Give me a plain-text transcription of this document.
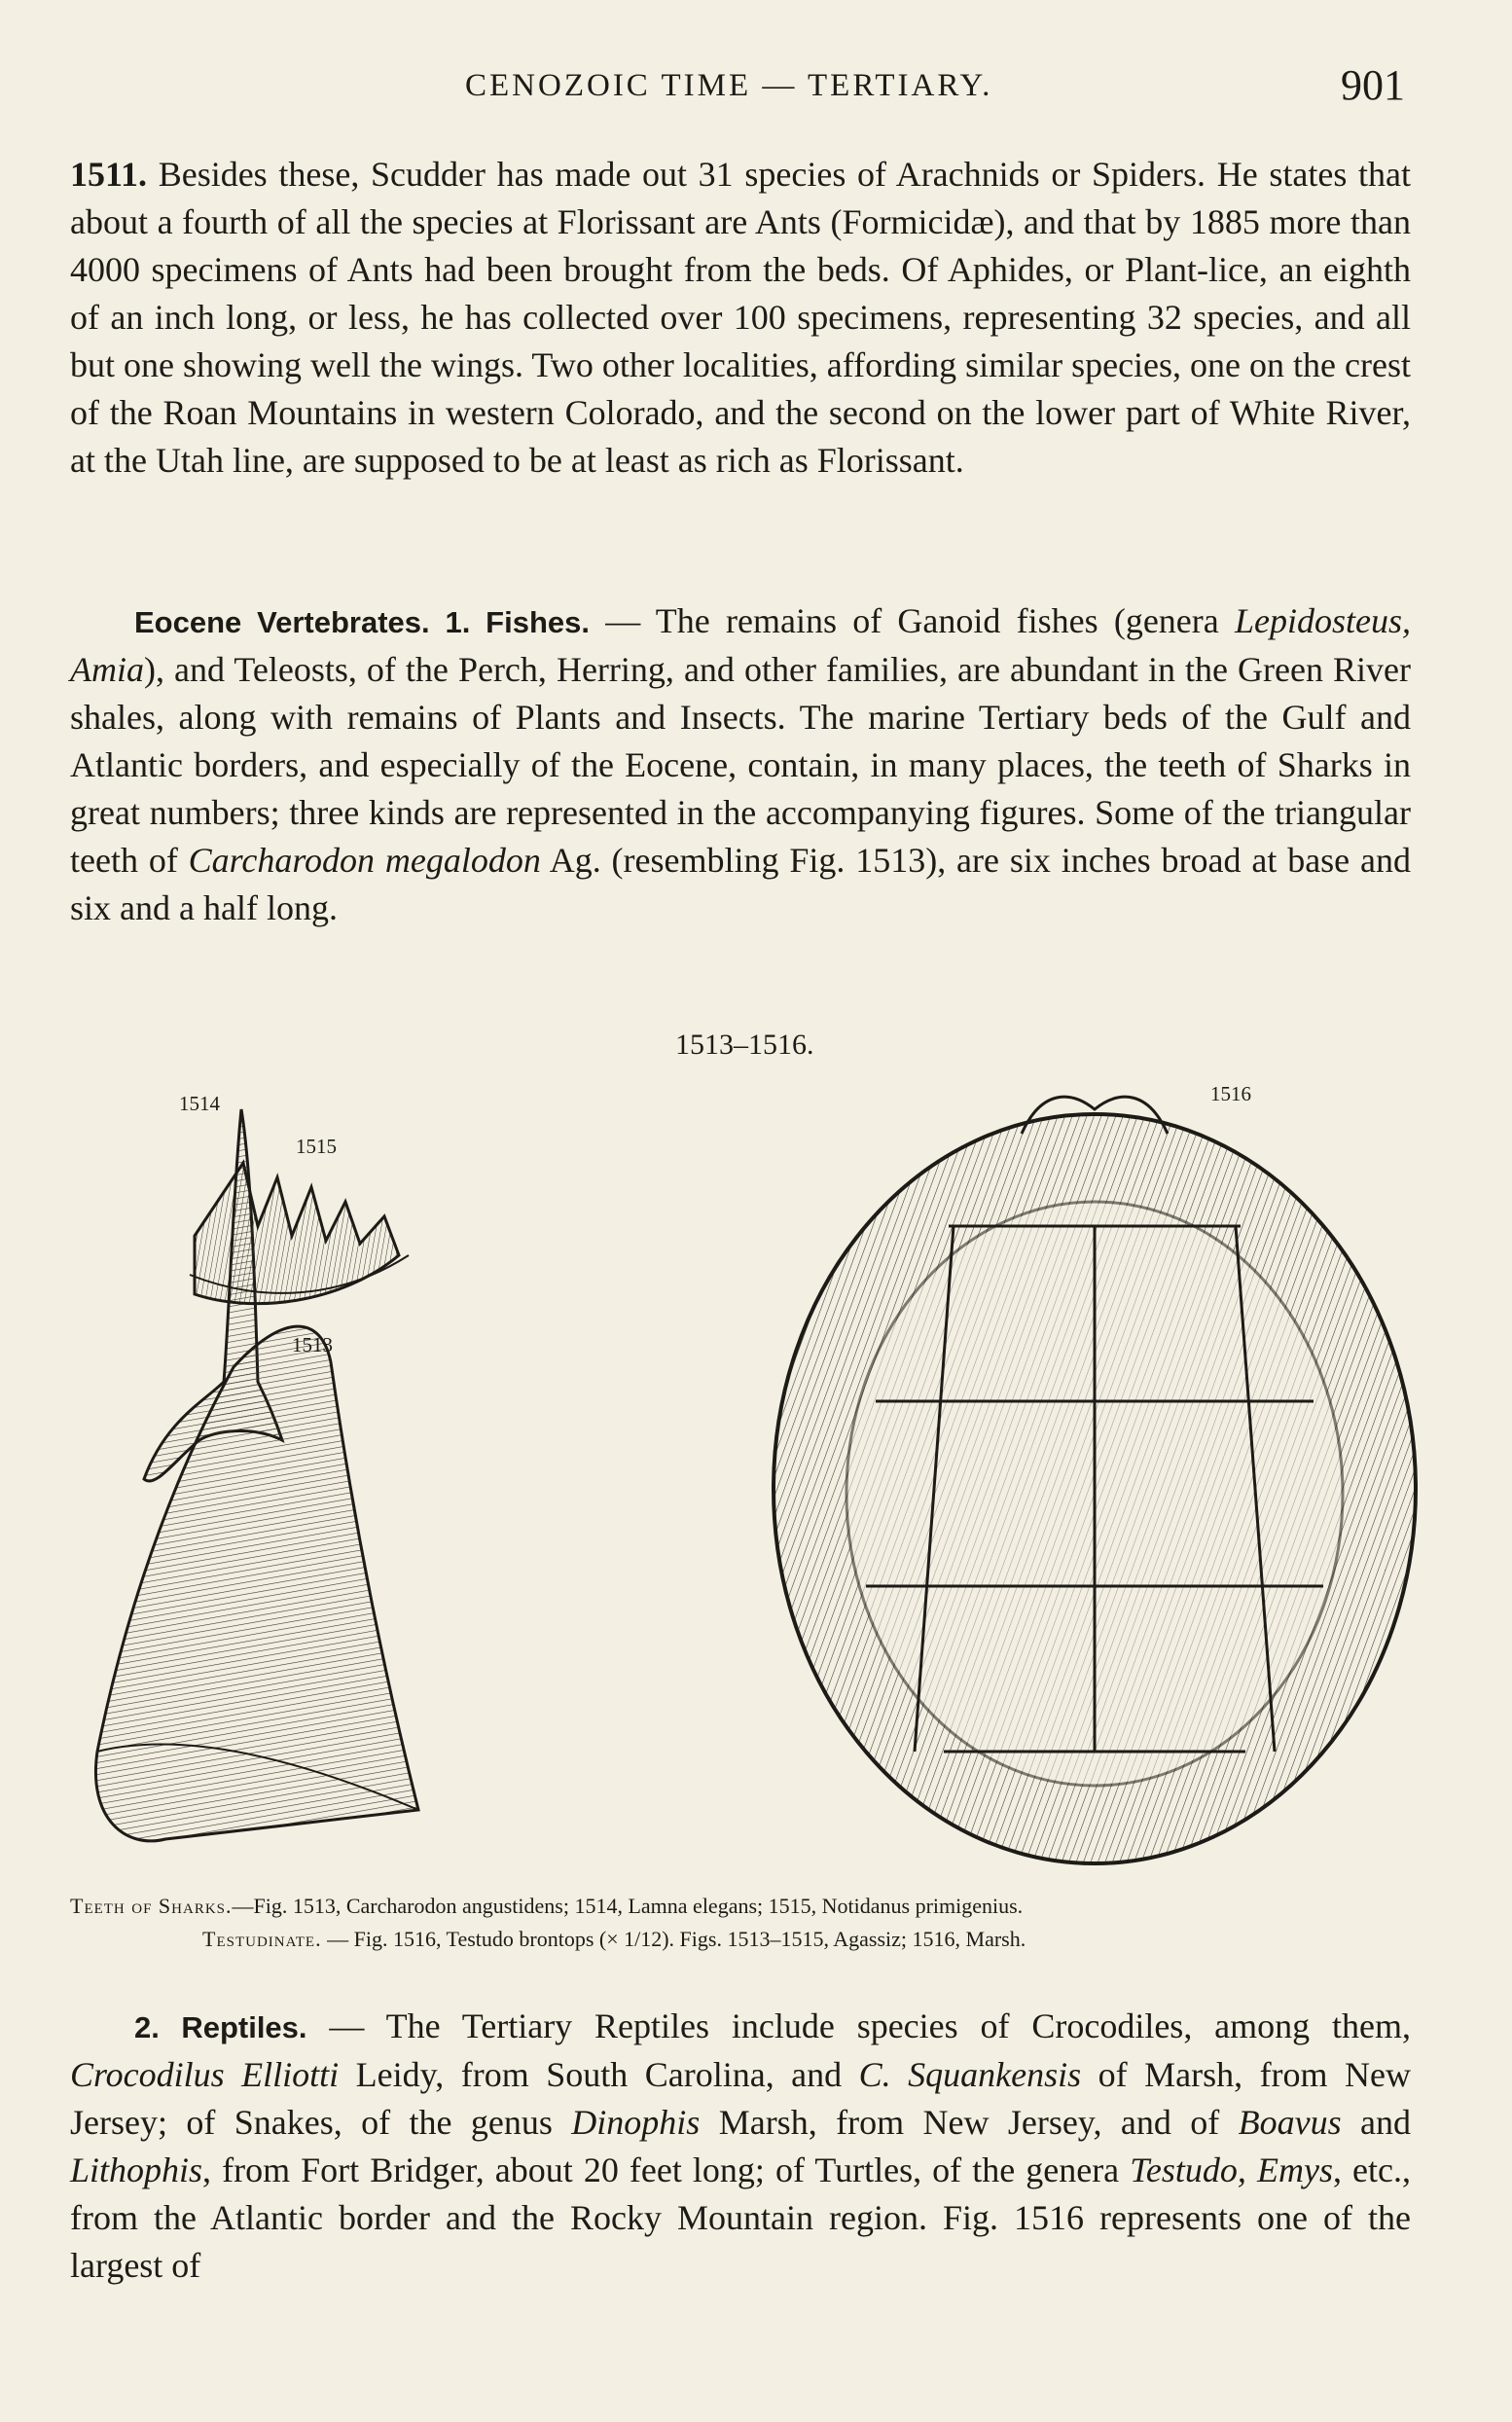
CENOZOIC TIME — TERTIARY.	901
1511. Besides these, Scudder has made out 31 species of Arachnids or Spiders. He states that about a fourth of all the species at Florissant are Ants (Formicidæ), and that by 1885 more than 4000 specimens of Ants had been brought from the beds. Of Aphides, or Plant-lice, an eighth of an inch long, or less, he has collected over 100 specimens, representing 32 species, and all but one showing well the wings. Two other localities, affording similar species, one on the crest of the Roan Mountains in western Colorado, and the second on the lower part of White River, at the Utah line, are supposed to be at least as rich as Florissant.
Eocene Vertebrates. 1. Fishes. — The remains of Ganoid fishes (genera Lepidosteus, Amia), and Teleosts, of the Perch, Herring, and other families, are abundant in the Green River shales, along with remains of Plants and Insects. The marine Tertiary beds of the Gulf and Atlantic borders, and especially of the Eocene, contain, in many places, the teeth of Sharks in great numbers; three kinds are represented in the accompanying figures. Some of the triangular teeth of Carcharodon megalodon Ag. (resembling Fig. 1513), are six inches broad at base and six and a half long.
1513–1516.
1514
1515
1513
1516
Teeth of Sharks.—Fig. 1513, Carcharodon angustidens; 1514, Lamna elegans; 1515, Notidanus primigenius.
Testudinate. — Fig. 1516, Testudo brontops (× 1/12). Figs. 1513–1515, Agassiz; 1516, Marsh.
2. Reptiles. — The Tertiary Reptiles include species of Crocodiles, among them, Crocodilus Elliotti Leidy, from South Carolina, and C. Squankensis of Marsh, from New Jersey; of Snakes, of the genus Dinophis Marsh, from New Jersey, and of Boavus and Lithophis, from Fort Bridger, about 20 feet long; of Turtles, of the genera Testudo, Emys, etc., from the Atlantic border and the Rocky Mountain region. Fig. 1516 represents one of the largest of
